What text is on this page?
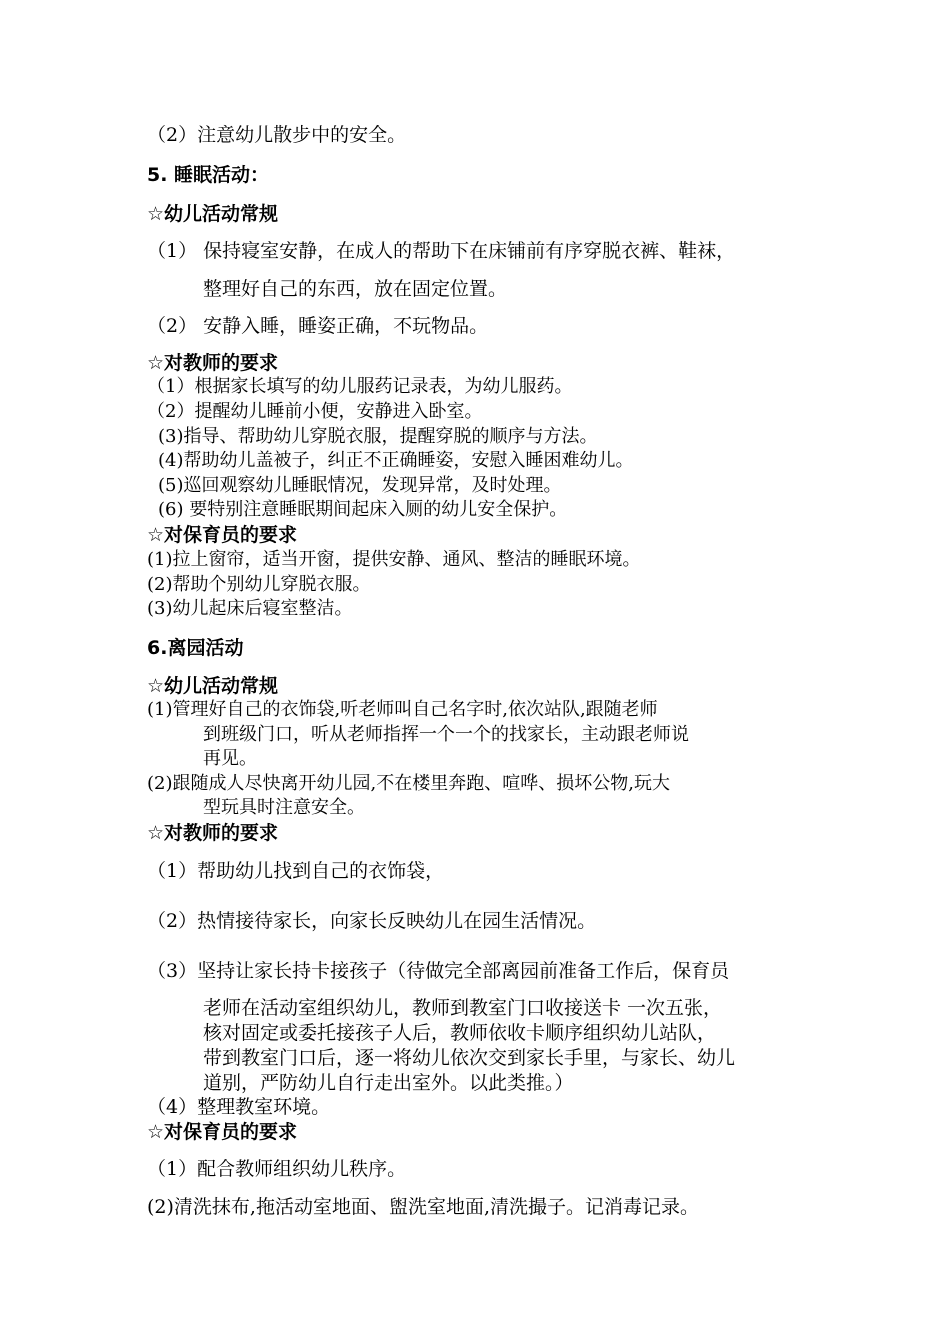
（2）注意幼儿散步中的安全。

5. 睡眠活动：

☆幼儿活动常规

（1） 保持寝室安静，在成人的帮助下在床铺前有序穿脱衣裤、鞋袜，

整理好自己的东西，放在固定位置。

（2） 安静入睡，睡姿正确，不玩物品。

☆对教师的要求

（1）根据家长填写的幼儿服药记录表，为幼儿服药。

（2）提醒幼儿睡前小便，安静进入卧室。

(3)指导、帮助幼儿穿脱衣服，提醒穿脱的顺序与方法。

(4)帮助幼儿盖被子，纠正不正确睡姿，安慰入睡困难幼儿。

(5)巡回观察幼儿睡眠情况，发现异常，及时处理。

(6) 要特别注意睡眠期间起床入厕的幼儿安全保护。

☆对保育员的要求

(1)拉上窗帘，适当开窗，提供安静、通风、整洁的睡眠环境。

(2)帮助个别幼儿穿脱衣服。

(3)幼儿起床后寝室整洁。

6.离园活动

☆幼儿活动常规

(1)管理好自己的衣饰袋,听老师叫自己名字时,依次站队,跟随老师

到班级门口，听从老师指挥一个一个的找家长，主动跟老师说

再见。

(2)跟随成人尽快离开幼儿园,不在楼里奔跑、喧哗、损坏公物,玩大

型玩具时注意安全。

☆对教师的要求

（1）帮助幼儿找到自己的衣饰袋，

（2）热情接待家长，向家长反映幼儿在园生活情况。

（3）坚持让家长持卡接孩子（待做完全部离园前准备工作后，保育员

老师在活动室组织幼儿，教师到教室门口收接送卡 一次五张，

核对固定或委托接孩子人后，教师依收卡顺序组织幼儿站队，

带到教室门口后，逐一将幼儿依次交到家长手里，与家长、幼儿

道别，严防幼儿自行走出室外。以此类推。）

（4）整理教室环境。

☆对保育员的要求

（1）配合教师组织幼儿秩序。

(2)清洗抹布,拖活动室地面、盥洗室地面,清洗撮子。记消毒记录。
